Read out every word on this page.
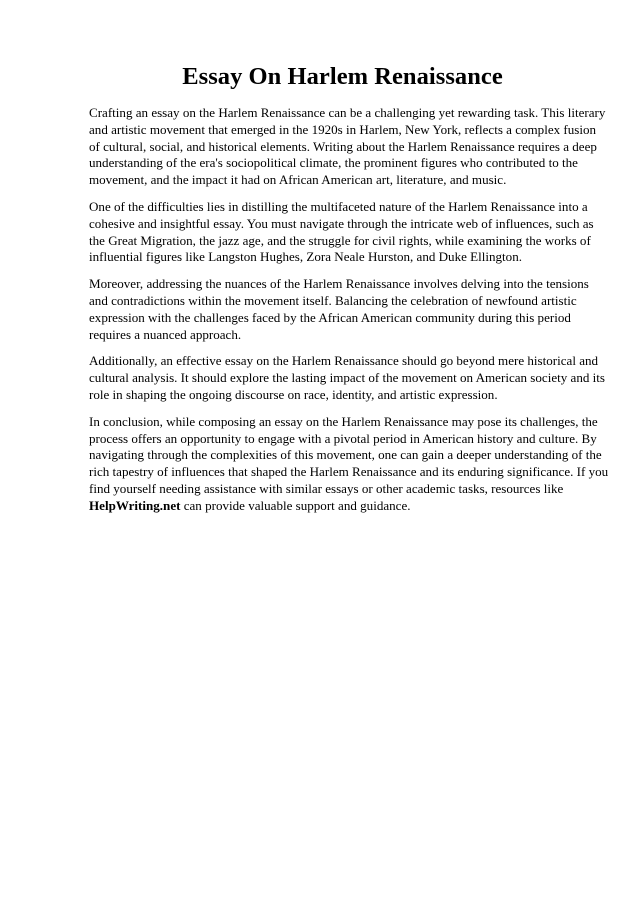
Essay On Harlem Renaissance

Crafting an essay on the Harlem Renaissance can be a challenging yet rewarding task. This literary and artistic movement that emerged in the 1920s in Harlem, New York, reflects a complex fusion of cultural, social, and historical elements. Writing about the Harlem Renaissance requires a deep understanding of the era's sociopolitical climate, the prominent figures who contributed to the movement, and the impact it had on African American art, literature, and music.

One of the difficulties lies in distilling the multifaceted nature of the Harlem Renaissance into a cohesive and insightful essay. You must navigate through the intricate web of influences, such as the Great Migration, the jazz age, and the struggle for civil rights, while examining the works of influential figures like Langston Hughes, Zora Neale Hurston, and Duke Ellington.

Moreover, addressing the nuances of the Harlem Renaissance involves delving into the tensions and contradictions within the movement itself. Balancing the celebration of newfound artistic expression with the challenges faced by the African American community during this period requires a nuanced approach.

Additionally, an effective essay on the Harlem Renaissance should go beyond mere historical and cultural analysis. It should explore the lasting impact of the movement on American society and its role in shaping the ongoing discourse on race, identity, and artistic expression.

In conclusion, while composing an essay on the Harlem Renaissance may pose its challenges, the process offers an opportunity to engage with a pivotal period in American history and culture. By navigating through the complexities of this movement, one can gain a deeper understanding of the rich tapestry of influences that shaped the Harlem Renaissance and its enduring significance. If you find yourself needing assistance with similar essays or other academic tasks, resources like HelpWriting.net can provide valuable support and guidance.
